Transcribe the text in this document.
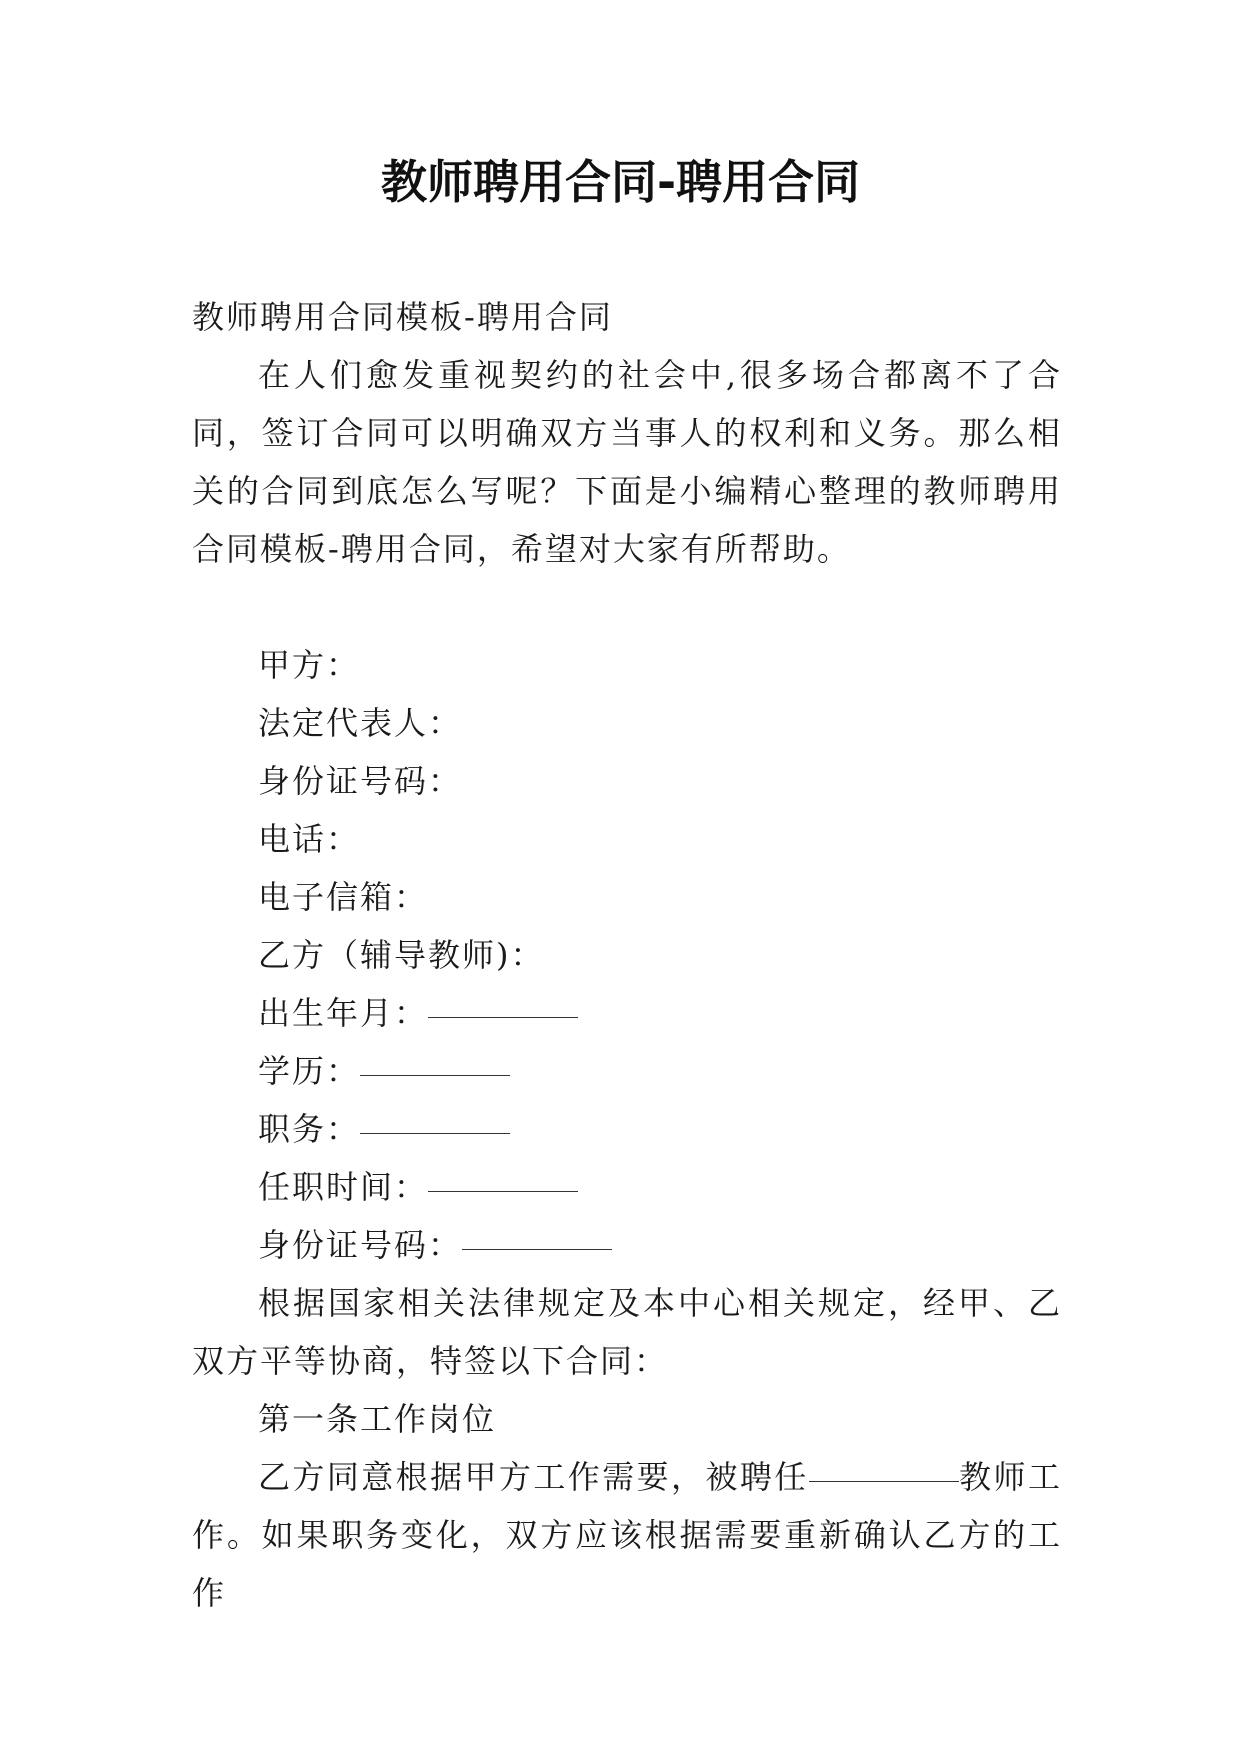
教师聘用合同-聘用合同

教师聘用合同模板-聘用合同

在人们愈发重视契约的社会中,很多场合都离不了合同，签订合同可以明确双方当事人的权利和义务。那么相关的合同到底怎么写呢？下面是小编精心整理的教师聘用合同模板-聘用合同，希望对大家有所帮助。

甲方：

法定代表人：

身份证号码：

电话：

电子信箱：

乙方（辅导教师)：

出生年月：

学历：

职务：

任职时间：

身份证号码：

根据国家相关法律规定及本中心相关规定，经甲、乙双方平等协商，特签以下合同：

第一条工作岗位

乙方同意根据甲方工作需要，被聘任	教师工作。如果职务变化，双方应该根据需要重新确认乙方的工作
